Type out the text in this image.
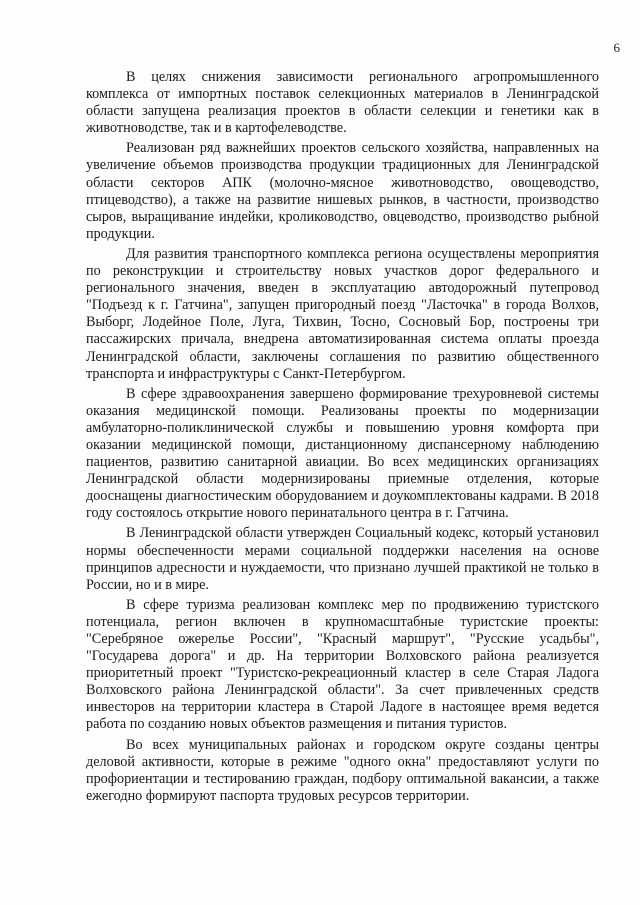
6

В целях снижения зависимости регионального агропромышленного комплекса от импортных поставок селекционных материалов в Ленинградской области запущена реализация проектов в области селекции и генетики как в животноводстве, так и в картофелеводстве.

Реализован ряд важнейших проектов сельского хозяйства, направленных на увеличение объемов производства продукции традиционных для Ленинградской области секторов АПК (молочно-мясное животноводство, овощеводство, птицеводство), а также на развитие нишевых рынков, в частности, производство сыров, выращивание индейки, кролиководство, овцеводство, производство рыбной продукции.

Для развития транспортного комплекса региона осуществлены мероприятия по реконструкции и строительству новых участков дорог федерального и регионального значения, введен в эксплуатацию автодорожный путепровод "Подъезд к г. Гатчина", запущен пригородный поезд "Ласточка" в города Волхов, Выборг, Лодейное Поле, Луга, Тихвин, Тосно, Сосновый Бор, построены три пассажирских причала, внедрена автоматизированная система оплаты проезда Ленинградской области, заключены соглашения по развитию общественного транспорта и инфраструктуры с Санкт-Петербургом.

В сфере здравоохранения завершено формирование трехуровневой системы оказания медицинской помощи. Реализованы проекты по модернизации амбулаторно-поликлинической службы и повышению уровня комфорта при оказании медицинской помощи, дистанционному диспансерному наблюдению пациентов, развитию санитарной авиации. Во всех медицинских организациях Ленинградской области модернизированы приемные отделения, которые дооснащены диагностическим оборудованием и доукомплектованы кадрами. В 2018 году состоялось открытие нового перинатального центра в г. Гатчина.

В Ленинградской области утвержден Социальный кодекс, который установил нормы обеспеченности мерами социальной поддержки населения на основе принципов адресности и нуждаемости, что признано лучшей практикой не только в России, но и в мире.

В сфере туризма реализован комплекс мер по продвижению туристского потенциала, регион включен в крупномасштабные туристские проекты: "Серебряное ожерелье России", "Красный маршрут", "Русские усадьбы", "Государева дорога" и др. На территории Волховского района реализуется приоритетный проект "Туристско-рекреационный кластер в селе Старая Ладога Волховского района Ленинградской области". За счет привлеченных средств инвесторов на территории кластера в Старой Ладоге в настоящее время ведется работа по созданию новых объектов размещения и питания туристов.

Во всех муниципальных районах и городском округе созданы центры деловой активности, которые в режиме "одного окна" предоставляют услуги по профориентации и тестированию граждан, подбору оптимальной вакансии, а также ежегодно формируют паспорта трудовых ресурсов территории.
